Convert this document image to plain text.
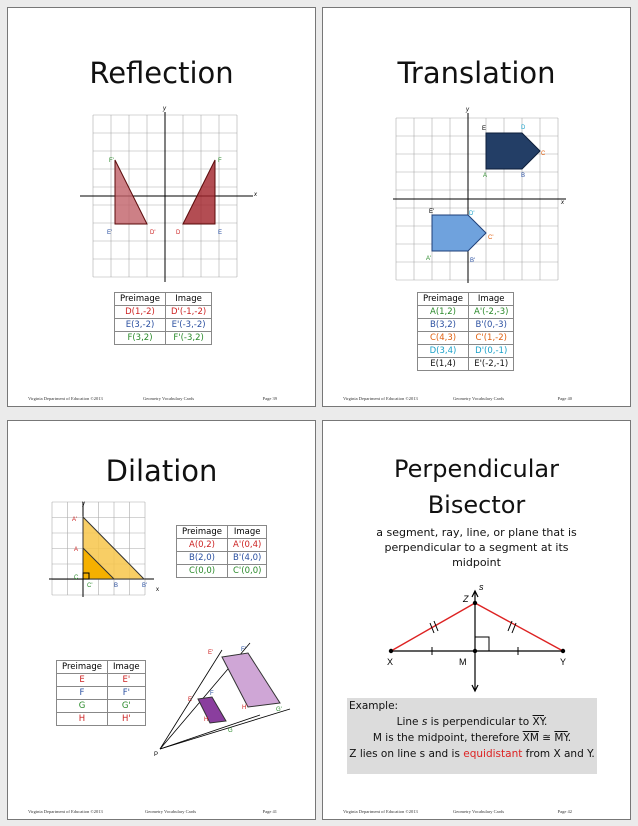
Reflection
x
y
F'	F
E'	D'	D	E
Preimage	Image
D(1,-2)	D'(-1,-2)
E(3,-2)	E'(-3,-2)
F(3,2)	F'(-3,2)
Virginia Department of Education ©2013	Geometry Vocabulary Cards	Page 39
Translation
x
y
E	D
C
A	B
E'	D'
C'
A'	B'
Preimage	Image
A(1,2)	A'(-2,-3)
B(3,2)	B'(0,-3)
C(4,3)	C'(1,-2)
D(3,4)	D'(0,-1)
E(1,4)	E'(-2,-1)
Virginia Department of Education ©2013	Geometry Vocabulary Cards	Page 40
Dilation
x
y
A'
A
C
C'	B	B'
Preimage	Image
A(0,2)	A'(0,4)
B(2,0)	B'(4,0)
C(0,0)	C'(0,0)
Preimage	Image
E	E'
F	F'
G	G'
H	H'
P
E'	F'
G'
H'
E
F
G
H
Virginia Department of Education ©2013	Geometry Vocabulary Cards	Page 41
Perpendicular
Bisector
a segment, ray, line, or plane that is
perpendicular to a segment at its
midpoint
s
Z
X	M	Y
Example:
Line s is perpendicular to $\overline{XY}$.
M is the midpoint, therefore $\overline{XM}$ ≅ $\overline{MY}$.
Z lies on line s and is equidistant from X and Y.
Virginia Department of Education ©2013	Geometry Vocabulary Cards	Page 42
